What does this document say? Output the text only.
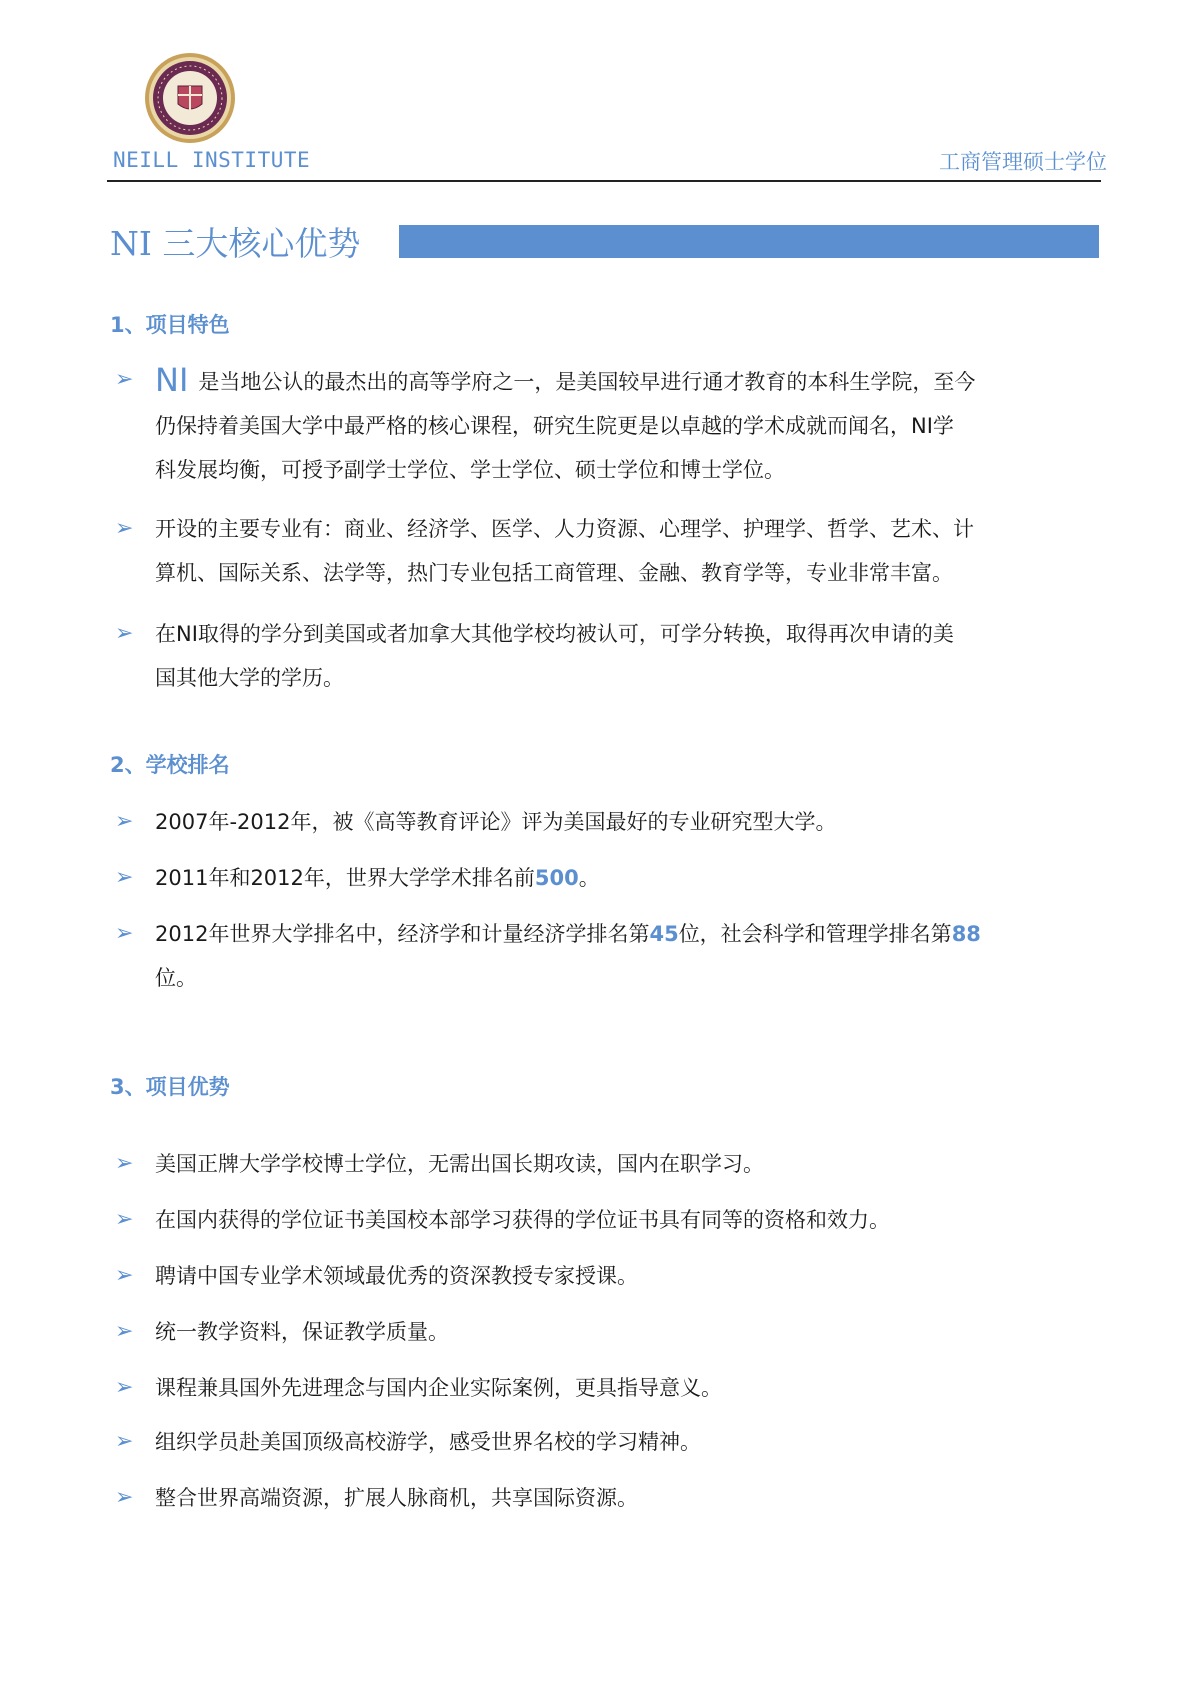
NEILL INSTITUTE	工商管理硕士学位
NI 三大核心优势
1、项目特色
➢ NI 是当地公认的最杰出的高等学府之一，是美国较早进行通才教育的本科生学院，至今
仍保持着美国大学中最严格的核心课程，研究生院更是以卓越的学术成就而闻名，NI学
科发展均衡，可授予副学士学位、学士学位、硕士学位和博士学位。
➢ 开设的主要专业有：商业、经济学、医学、人力资源、心理学、护理学、哲学、艺术、计
算机、国际关系、法学等，热门专业包括工商管理、金融、教育学等，专业非常丰富。
➢ 在NI取得的学分到美国或者加拿大其他学校均被认可，可学分转换，取得再次申请的美
国其他大学的学历。
2、学校排名
➢ 2007年-2012年，被《高等教育评论》评为美国最好的专业研究型大学。
➢ 2011年和2012年，世界大学学术排名前500。
➢ 2012年世界大学排名中，经济学和计量经济学排名第45位，社会科学和管理学排名第88
位。
3、项目优势
➢ 美国正牌大学学校博士学位，无需出国长期攻读，国内在职学习。
➢ 在国内获得的学位证书美国校本部学习获得的学位证书具有同等的资格和效力。
➢ 聘请中国专业学术领域最优秀的资深教授专家授课。
➢ 统一教学资料，保证教学质量。
➢ 课程兼具国外先进理念与国内企业实际案例，更具指导意义。
➢ 组织学员赴美国顶级高校游学，感受世界名校的学习精神。
➢ 整合世界高端资源，扩展人脉商机，共享国际资源。
